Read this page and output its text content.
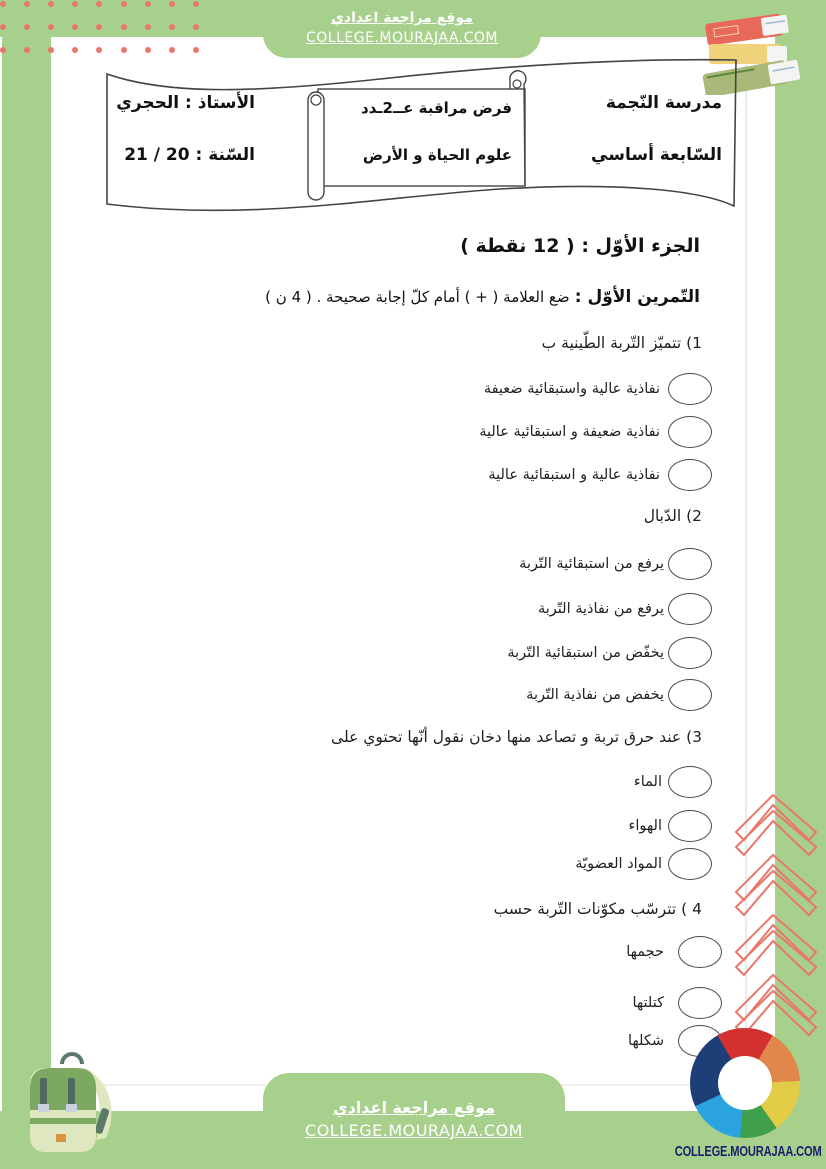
موقع مراجعة اعدادي
COLLEGE.MOURAJAA.COM
مدرسة النّجمة
السّابعة أساسي
فرض مراقبة عــ2ـدد
علوم الحياة و الأرض
الأستاذ : الحجري
السّنة : 20 / 21
الجزء الأوّل : ( 12 نقطة )
التّمرين الأوّل : ضع العلامة ( + ) أمام كلّ إجابة صحيحة . ( 4 ن )
1) تتميّز التّربة الطّينية ب
نفاذية عالية واستبقائية ضعيفة
نفاذية ضعيفة و استبقائية عالية
نفاذية عالية و استبقائية عالية
2) الدّبال
يرفع من استبقائية التّربة
يرفع من نفاذية التّربة
يخفّض من استبقائية التّربة
يخفض من نفاذية التّربة
3) عند حرق تربة و تصاعد منها دخان نقول أنّها تحتوي على
الماء
الهواء
المواد العضويّة
4 ) تترسّب مكوّنات التّربة حسب
حجمها
كتلتها
شكلها
موقع مراجعة اعدادي
COLLEGE.MOURAJAA.COM
COLLEGE.MOURAJAA.COM
